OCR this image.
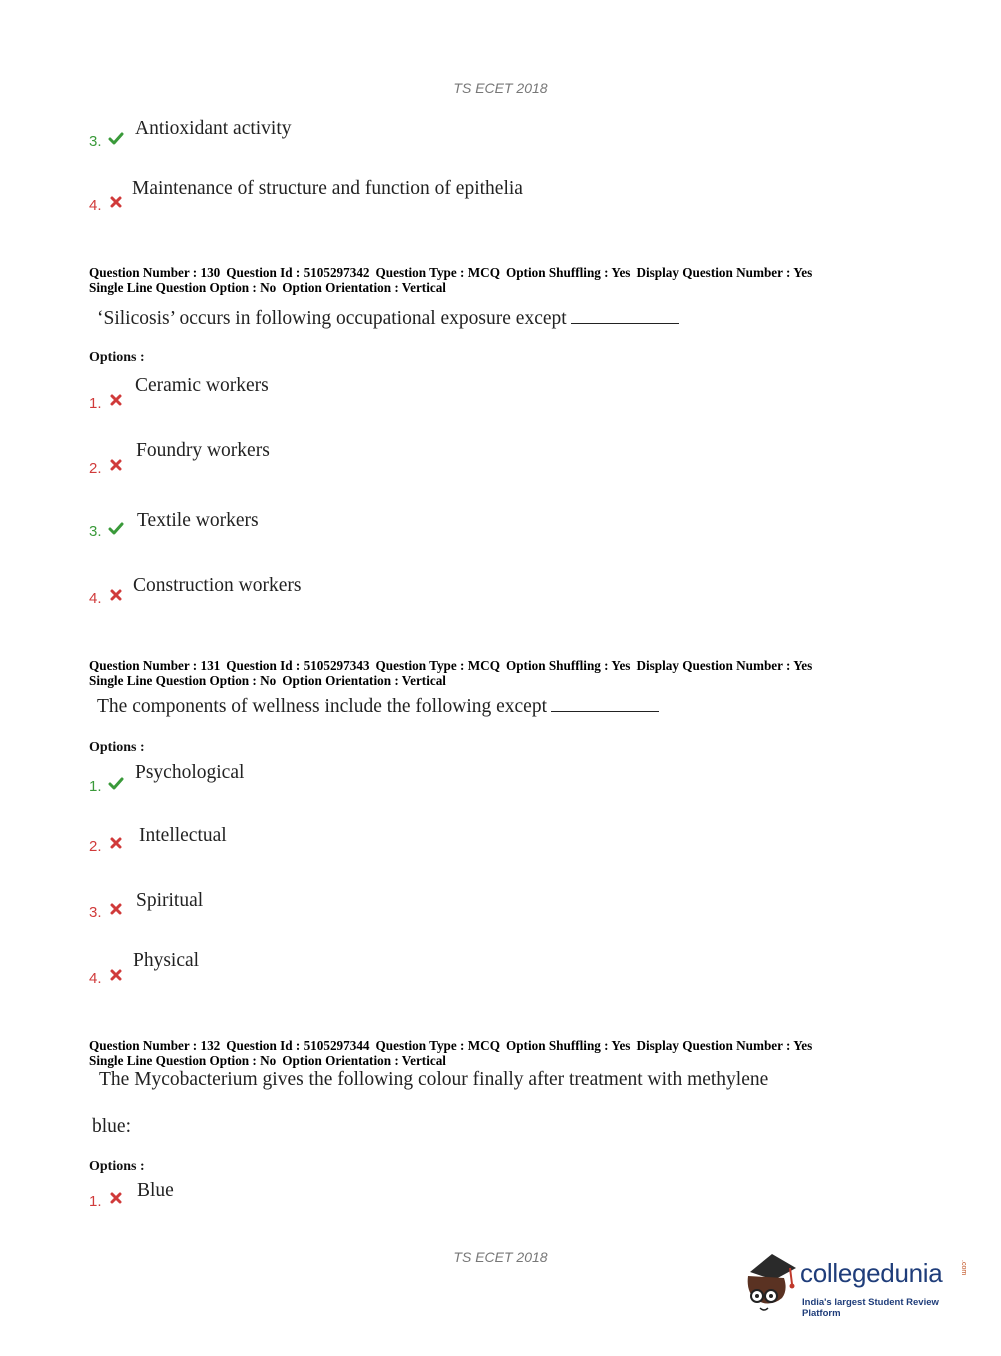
TS ECET 2018
3.
Antioxidant activity
4.
Maintenance of structure and function of epithelia
Question Number : 130 Question Id : 5105297342 Question Type : MCQ Option Shuffling : Yes Display Question Number : Yes
Single Line Question Option : No Option Orientation : Vertical
‘Silicosis’ occurs in following occupational exposure except
Options :
1.
Ceramic workers
2.
Foundry workers
3.
Textile workers
4.
Construction workers
Question Number : 131 Question Id : 5105297343 Question Type : MCQ Option Shuffling : Yes Display Question Number : Yes
Single Line Question Option : No Option Orientation : Vertical
The components of wellness include the following except
Options :
1.
Psychological
2.
Intellectual
3.
Spiritual
4.
Physical
Question Number : 132 Question Id : 5105297344 Question Type : MCQ Option Shuffling : Yes Display Question Number : Yes
Single Line Question Option : No Option Orientation : Vertical
The Mycobacterium gives the following colour finally after treatment with methylene
blue:
Options :
1.
Blue
TS ECET 2018
collegedunia	.com
India's largest Student Review Platform
